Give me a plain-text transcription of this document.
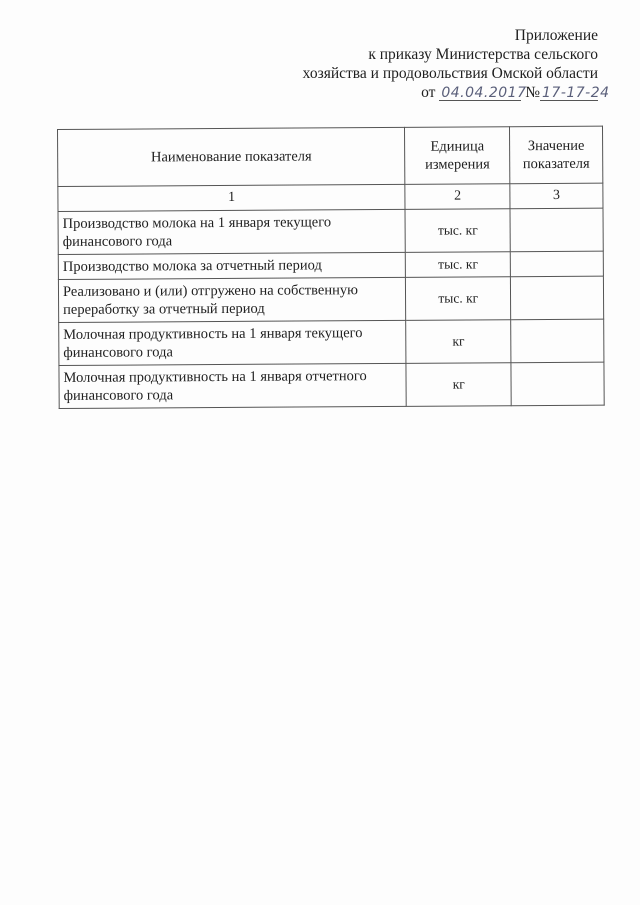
Приложение
к приказу Министерства сельского
хозяйства и продовольствия Омской области
от 04.04.2017 № 17-17-24
Наименование показателя	Единица измерения	Значение показателя
1	2	3
Производство молока на 1 января текущего финансового года	тыс. кг	
Производство молока за отчетный период	тыс. кг	
Реализовано и (или) отгружено на собственную переработку за отчетный период	тыс. кг	
Молочная продуктивность на 1 января текущего финансового года	кг	
Молочная продуктивность на 1 января отчетного финансового года	кг	
